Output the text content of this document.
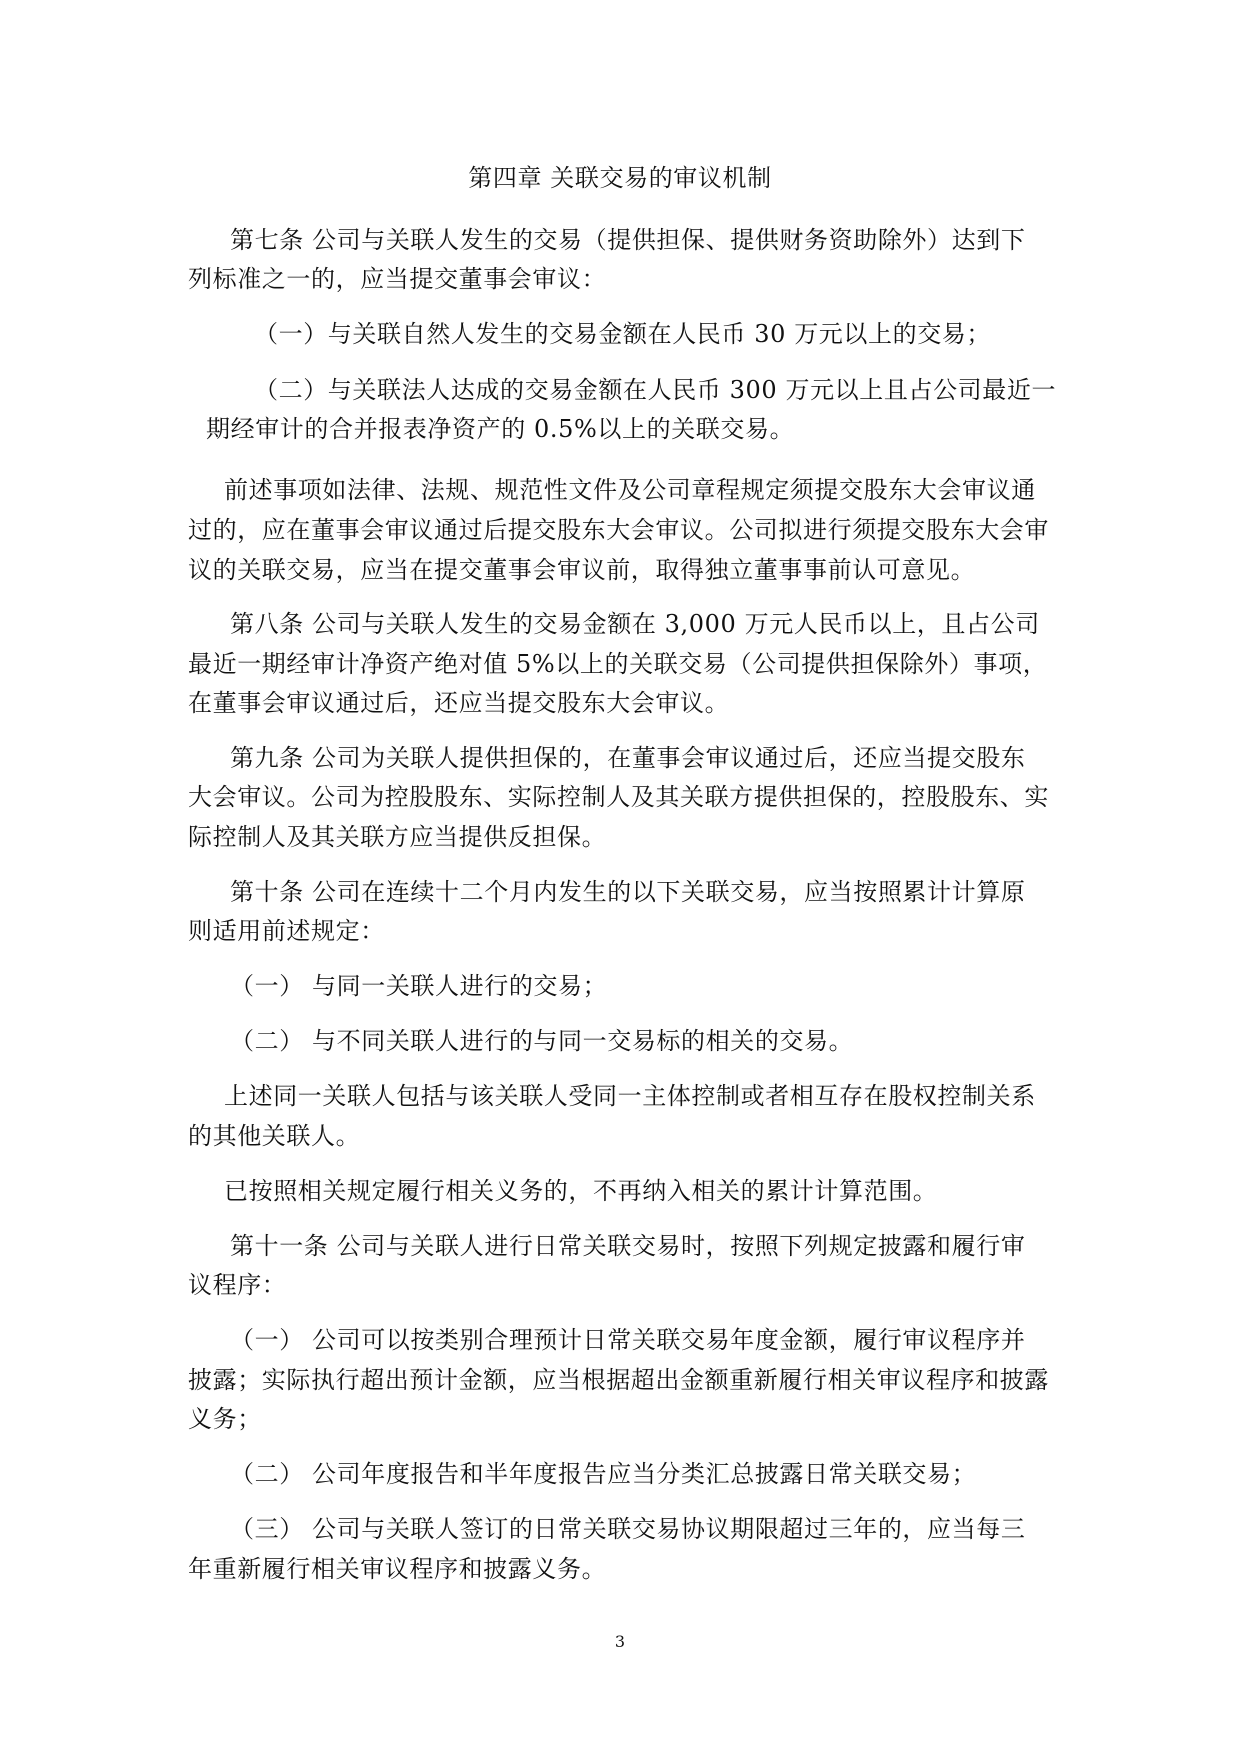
第四章 关联交易的审议机制
第七条 公司与关联人发生的交易（提供担保、提供财务资助除外）达到下
列标准之一的，应当提交董事会审议：
（一）与关联自然人发生的交易金额在人民币 30 万元以上的交易；
（二）与关联法人达成的交易金额在人民币 300 万元以上且占公司最近一
期经审计的合并报表净资产的 0.5%以上的关联交易。
前述事项如法律、法规、规范性文件及公司章程规定须提交股东大会审议通
过的，应在董事会审议通过后提交股东大会审议。公司拟进行须提交股东大会审
议的关联交易，应当在提交董事会审议前，取得独立董事事前认可意见。
第八条 公司与关联人发生的交易金额在 3,000 万元人民币以上，且占公司
最近一期经审计净资产绝对值 5%以上的关联交易（公司提供担保除外）事项，
在董事会审议通过后，还应当提交股东大会审议。
第九条 公司为关联人提供担保的，在董事会审议通过后，还应当提交股东
大会审议。公司为控股股东、实际控制人及其关联方提供担保的，控股股东、实
际控制人及其关联方应当提供反担保。
第十条 公司在连续十二个月内发生的以下关联交易，应当按照累计计算原
则适用前述规定：
（一） 与同一关联人进行的交易；
（二） 与不同关联人进行的与同一交易标的相关的交易。
上述同一关联人包括与该关联人受同一主体控制或者相互存在股权控制关系
的其他关联人。
已按照相关规定履行相关义务的，不再纳入相关的累计计算范围。
第十一条 公司与关联人进行日常关联交易时，按照下列规定披露和履行审
议程序：
（一） 公司可以按类别合理预计日常关联交易年度金额，履行审议程序并
披露；实际执行超出预计金额，应当根据超出金额重新履行相关审议程序和披露
义务；
（二） 公司年度报告和半年度报告应当分类汇总披露日常关联交易；
（三） 公司与关联人签订的日常关联交易协议期限超过三年的，应当每三
年重新履行相关审议程序和披露义务。
3
